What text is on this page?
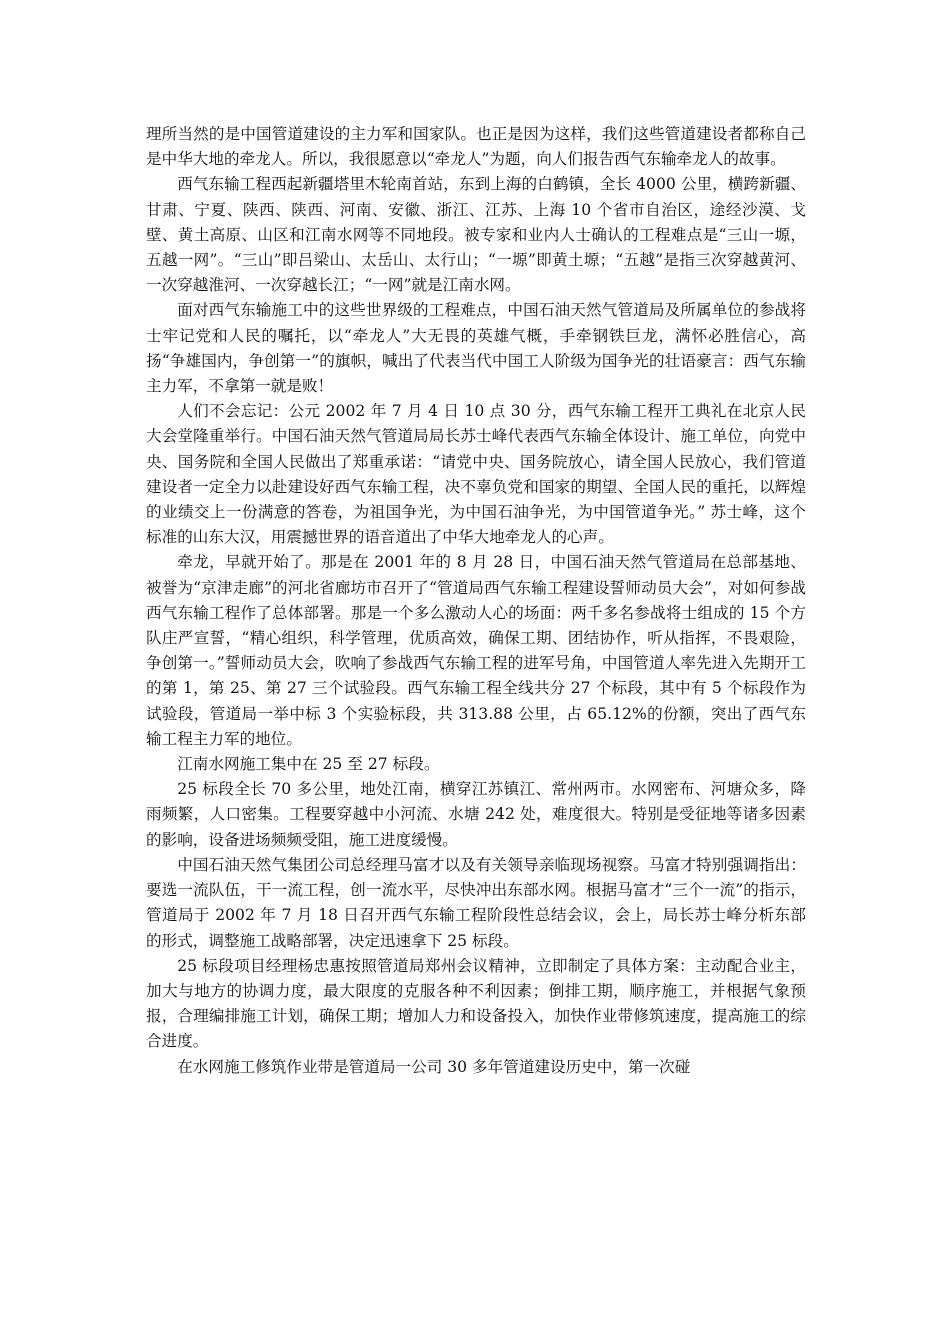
理所当然的是中国管道建设的主力军和国家队。也正是因为这样，我们这些管道建设者都称自己是中华大地的牵龙人。所以，我很愿意以“牵龙人”为题，向人们报告西气东输牵龙人的故事。

西气东输工程西起新疆塔里木轮南首站，东到上海的白鹤镇，全长 4000 公里，横跨新疆、甘肃、宁夏、陕西、陕西、河南、安徽、浙江、江苏、上海 10 个省市自治区，途经沙漠、戈壁、黄土高原、山区和江南水网等不同地段。被专家和业内人士确认的工程难点是“三山一塬，五越一网”。“三山”即吕梁山、太岳山、太行山；“一塬”即黄土塬；“五越”是指三次穿越黄河、一次穿越淮河、一次穿越长江；“一网”就是江南水网。

面对西气东输施工中的这些世界级的工程难点，中国石油天然气管道局及所属单位的参战将士牢记党和人民的嘱托，以“牵龙人”大无畏的英雄气概，手牵钢铁巨龙，满怀必胜信心，高扬“争雄国内，争创第一”的旗帜，喊出了代表当代中国工人阶级为国争光的壮语豪言：西气东输主力军，不拿第一就是败！

人们不会忘记：公元 2002 年 7 月 4 日 10 点 30 分，西气东输工程开工典礼在北京人民大会堂隆重举行。中国石油天然气管道局局长苏士峰代表西气东输全体设计、施工单位，向党中央、国务院和全国人民做出了郑重承诺：“请党中央、国务院放心，请全国人民放心，我们管道建设者一定全力以赴建设好西气东输工程，决不辜负党和国家的期望、全国人民的重托，以辉煌的业绩交上一份满意的答卷，为祖国争光，为中国石油争光，为中国管道争光。” 苏士峰，这个标准的山东大汉，用震撼世界的语音道出了中华大地牵龙人的心声。

牵龙，早就开始了。那是在 2001 年的 8 月 28 日，中国石油天然气管道局在总部基地、被誉为“京津走廊”的河北省廊坊市召开了“管道局西气东输工程建设誓师动员大会”，对如何参战西气东输工程作了总体部署。那是一个多么激动人心的场面：两千多名参战将士组成的 15 个方队庄严宣誓，“精心组织，科学管理，优质高效，确保工期、团结协作，听从指挥，不畏艰险，争创第一。”誓师动员大会，吹响了参战西气东输工程的进军号角，中国管道人率先进入先期开工的第 1，第 25、第 27 三个试验段。西气东输工程全线共分 27 个标段，其中有 5 个标段作为试验段，管道局一举中标 3 个实验标段，共 313.88 公里，占 65.12%的份额，突出了西气东输工程主力军的地位。

江南水网施工集中在 25 至 27 标段。

25 标段全长 70 多公里，地处江南，横穿江苏镇江、常州两市。水网密布、河塘众多，降雨频繁，人口密集。工程要穿越中小河流、水塘 242 处，难度很大。特别是受征地等诸多因素的影响，设备进场频频受阻，施工进度缓慢。

中国石油天然气集团公司总经理马富才以及有关领导亲临现场视察。马富才特别强调指出：要选一流队伍，干一流工程，创一流水平，尽快冲出东部水网。根据马富才“三个一流”的指示，管道局于 2002 年 7 月 18 日召开西气东输工程阶段性总结会议，会上，局长苏士峰分析东部的形式，调整施工战略部署，决定迅速拿下 25 标段。

25 标段项目经理杨忠惠按照管道局郑州会议精神，立即制定了具体方案：主动配合业主，加大与地方的协调力度，最大限度的克服各种不利因素；倒排工期，顺序施工，并根据气象预报，合理编排施工计划，确保工期；增加人力和设备投入，加快作业带修筑速度，提高施工的综合进度。

在水网施工修筑作业带是管道局一公司 30 多年管道建设历史中，第一次碰
